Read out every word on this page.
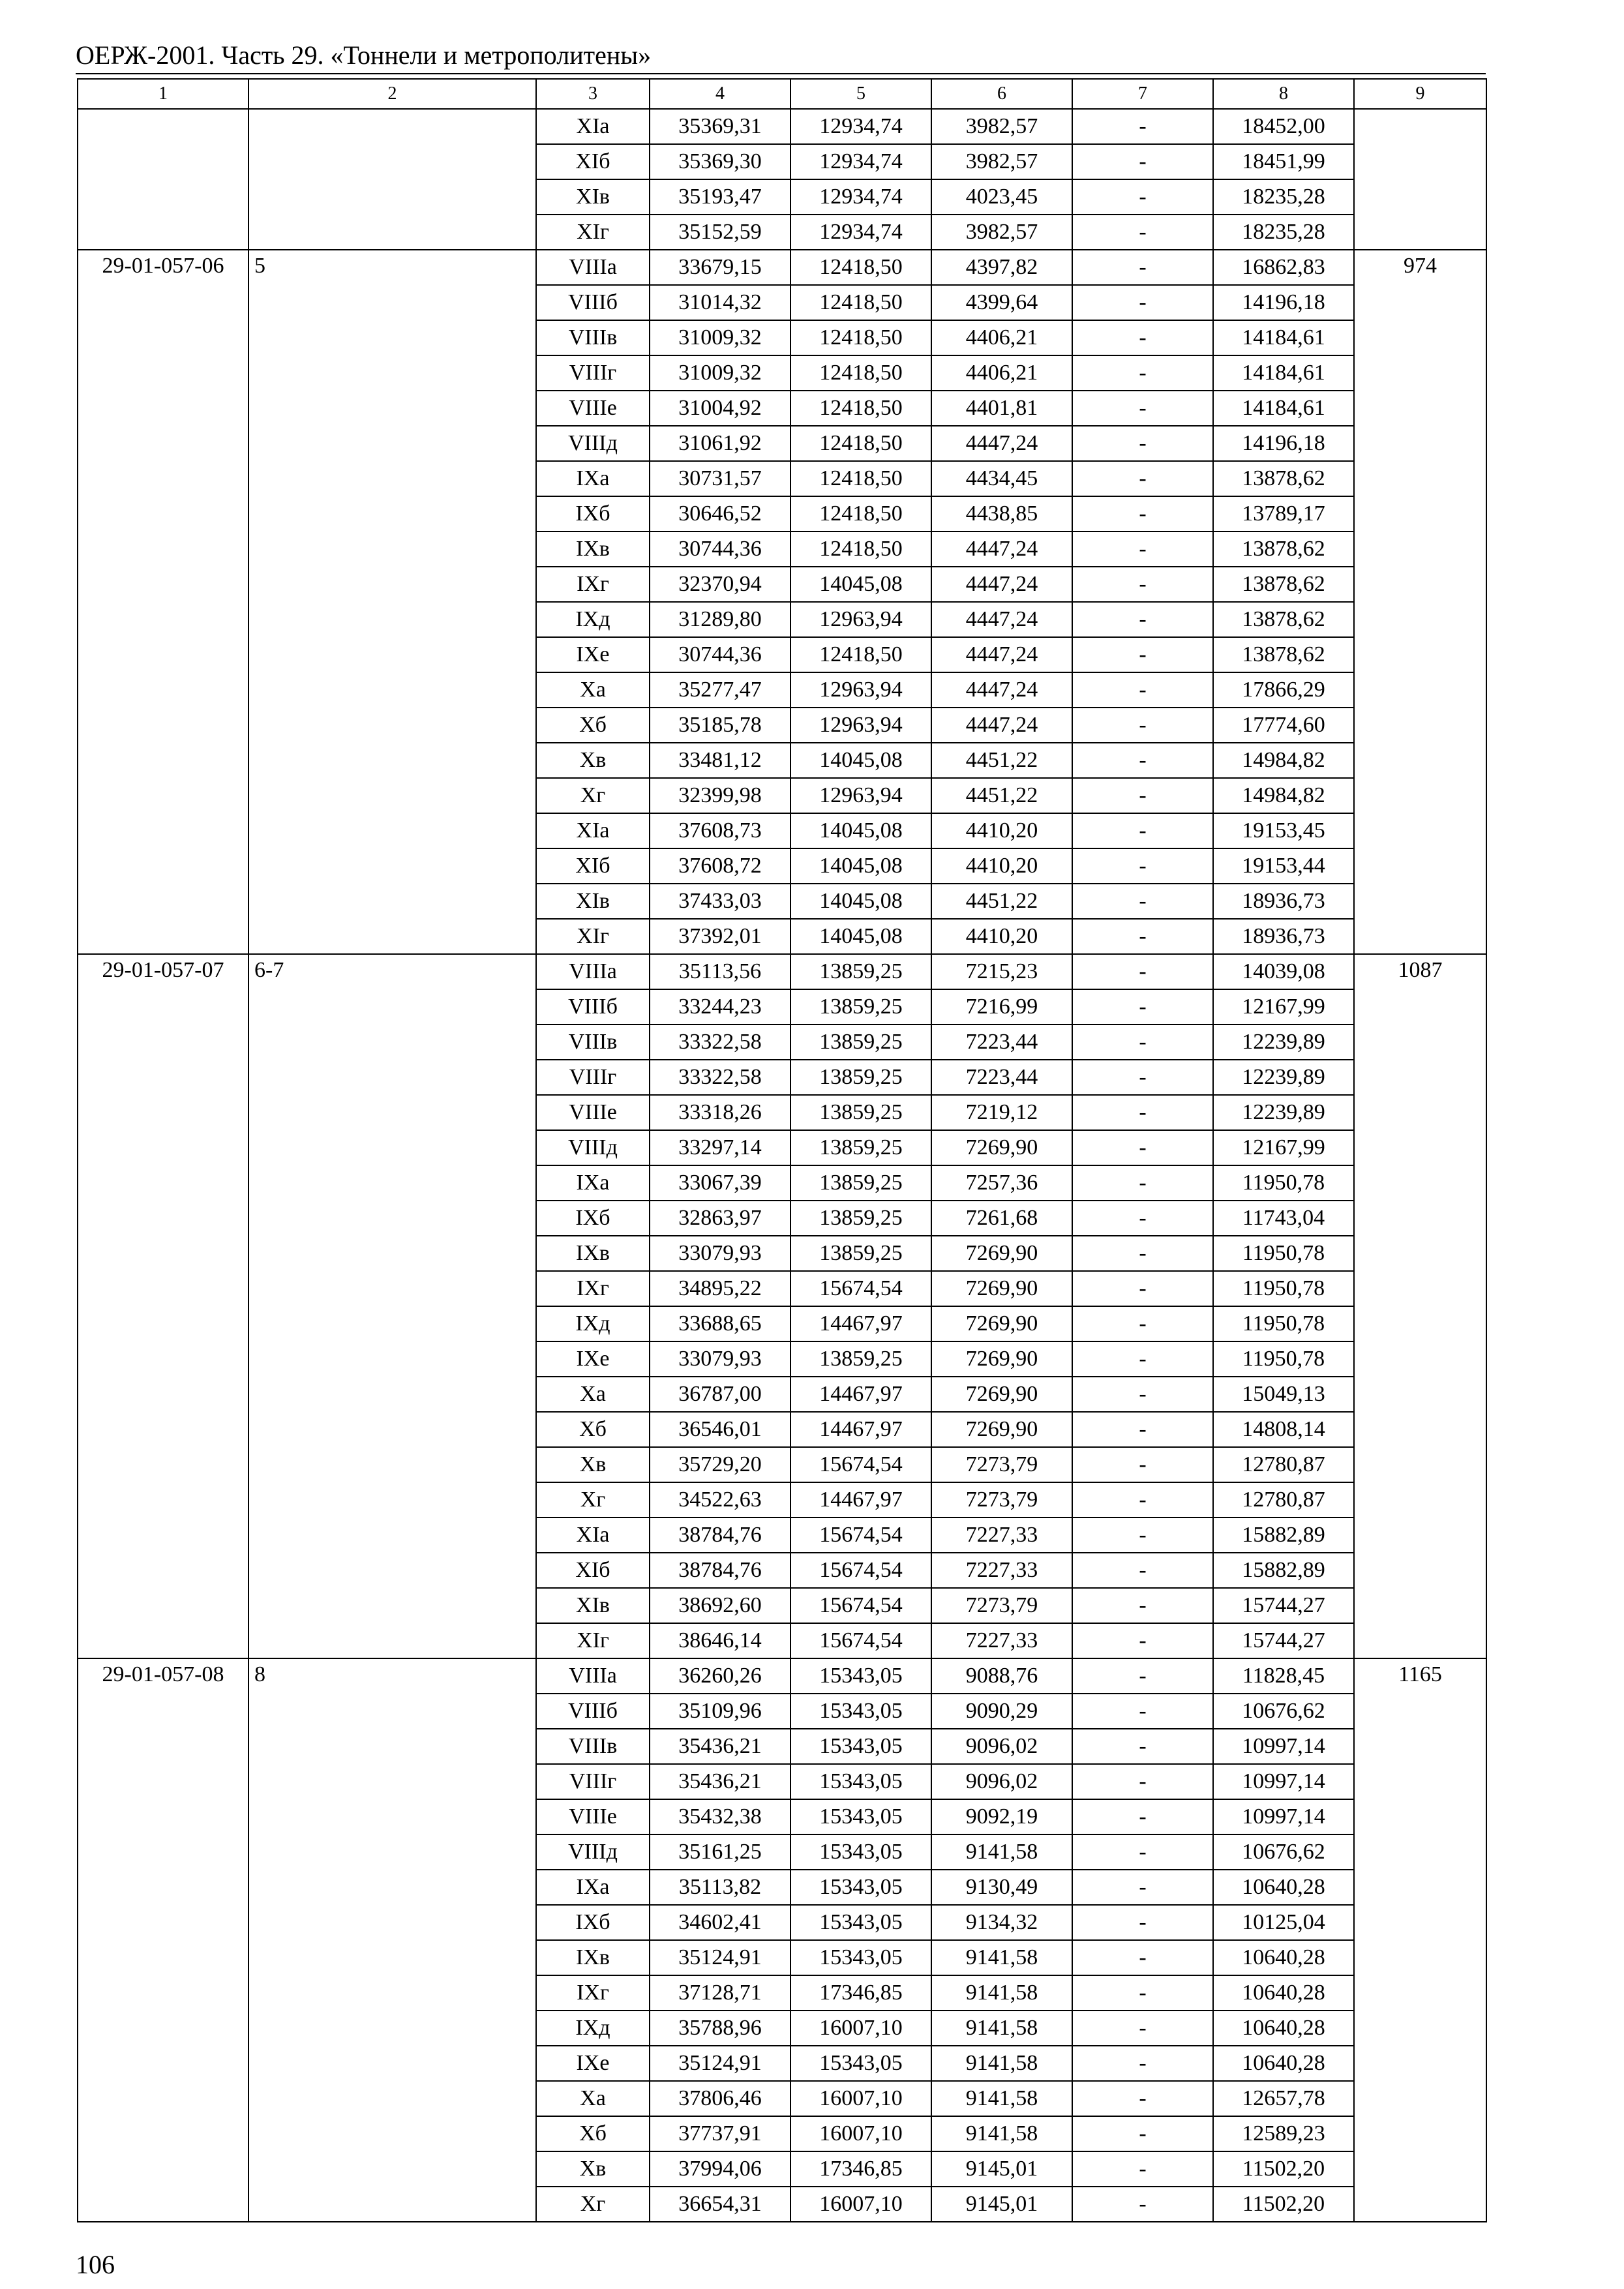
ОЕРЖ-2001. Часть 29. «Тоннели и метрополитены»
1	2	3	4	5	6	7	8	9
		XIа	35369,31	12934,74	3982,57	-	18452,00	
		XIб	35369,30	12934,74	3982,57	-	18451,99	
		XIв	35193,47	12934,74	4023,45	-	18235,28	
		XIг	35152,59	12934,74	3982,57	-	18235,28	
29-01-057-06	5	VIIIа	33679,15	12418,50	4397,82	-	16862,83	974
		VIIIб	31014,32	12418,50	4399,64	-	14196,18	
		VIIIв	31009,32	12418,50	4406,21	-	14184,61	
		VIIIг	31009,32	12418,50	4406,21	-	14184,61	
		VIIIе	31004,92	12418,50	4401,81	-	14184,61	
		VIIIд	31061,92	12418,50	4447,24	-	14196,18	
		IXа	30731,57	12418,50	4434,45	-	13878,62	
		IXб	30646,52	12418,50	4438,85	-	13789,17	
		IXв	30744,36	12418,50	4447,24	-	13878,62	
		IXг	32370,94	14045,08	4447,24	-	13878,62	
		IXд	31289,80	12963,94	4447,24	-	13878,62	
		IXе	30744,36	12418,50	4447,24	-	13878,62	
		Xа	35277,47	12963,94	4447,24	-	17866,29	
		Xб	35185,78	12963,94	4447,24	-	17774,60	
		Xв	33481,12	14045,08	4451,22	-	14984,82	
		Xг	32399,98	12963,94	4451,22	-	14984,82	
		XIа	37608,73	14045,08	4410,20	-	19153,45	
		XIб	37608,72	14045,08	4410,20	-	19153,44	
		XIв	37433,03	14045,08	4451,22	-	18936,73	
		XIг	37392,01	14045,08	4410,20	-	18936,73	
29-01-057-07	6-7	VIIIа	35113,56	13859,25	7215,23	-	14039,08	1087
		VIIIб	33244,23	13859,25	7216,99	-	12167,99	
		VIIIв	33322,58	13859,25	7223,44	-	12239,89	
		VIIIг	33322,58	13859,25	7223,44	-	12239,89	
		VIIIе	33318,26	13859,25	7219,12	-	12239,89	
		VIIIд	33297,14	13859,25	7269,90	-	12167,99	
		IXа	33067,39	13859,25	7257,36	-	11950,78	
		IXб	32863,97	13859,25	7261,68	-	11743,04	
		IXв	33079,93	13859,25	7269,90	-	11950,78	
		IXг	34895,22	15674,54	7269,90	-	11950,78	
		IXд	33688,65	14467,97	7269,90	-	11950,78	
		IXе	33079,93	13859,25	7269,90	-	11950,78	
		Xа	36787,00	14467,97	7269,90	-	15049,13	
		Xб	36546,01	14467,97	7269,90	-	14808,14	
		Xв	35729,20	15674,54	7273,79	-	12780,87	
		Xг	34522,63	14467,97	7273,79	-	12780,87	
		XIа	38784,76	15674,54	7227,33	-	15882,89	
		XIб	38784,76	15674,54	7227,33	-	15882,89	
		XIв	38692,60	15674,54	7273,79	-	15744,27	
		XIг	38646,14	15674,54	7227,33	-	15744,27	
29-01-057-08	8	VIIIа	36260,26	15343,05	9088,76	-	11828,45	1165
		VIIIб	35109,96	15343,05	9090,29	-	10676,62	
		VIIIв	35436,21	15343,05	9096,02	-	10997,14	
		VIIIг	35436,21	15343,05	9096,02	-	10997,14	
		VIIIе	35432,38	15343,05	9092,19	-	10997,14	
		VIIIд	35161,25	15343,05	9141,58	-	10676,62	
		IXа	35113,82	15343,05	9130,49	-	10640,28	
		IXб	34602,41	15343,05	9134,32	-	10125,04	
		IXв	35124,91	15343,05	9141,58	-	10640,28	
		IXг	37128,71	17346,85	9141,58	-	10640,28	
		IXд	35788,96	16007,10	9141,58	-	10640,28	
		IXе	35124,91	15343,05	9141,58	-	10640,28	
		Xа	37806,46	16007,10	9141,58	-	12657,78	
		Xб	37737,91	16007,10	9141,58	-	12589,23	
		Xв	37994,06	17346,85	9145,01	-	11502,20	
		Xг	36654,31	16007,10	9145,01	-	11502,20	
106
